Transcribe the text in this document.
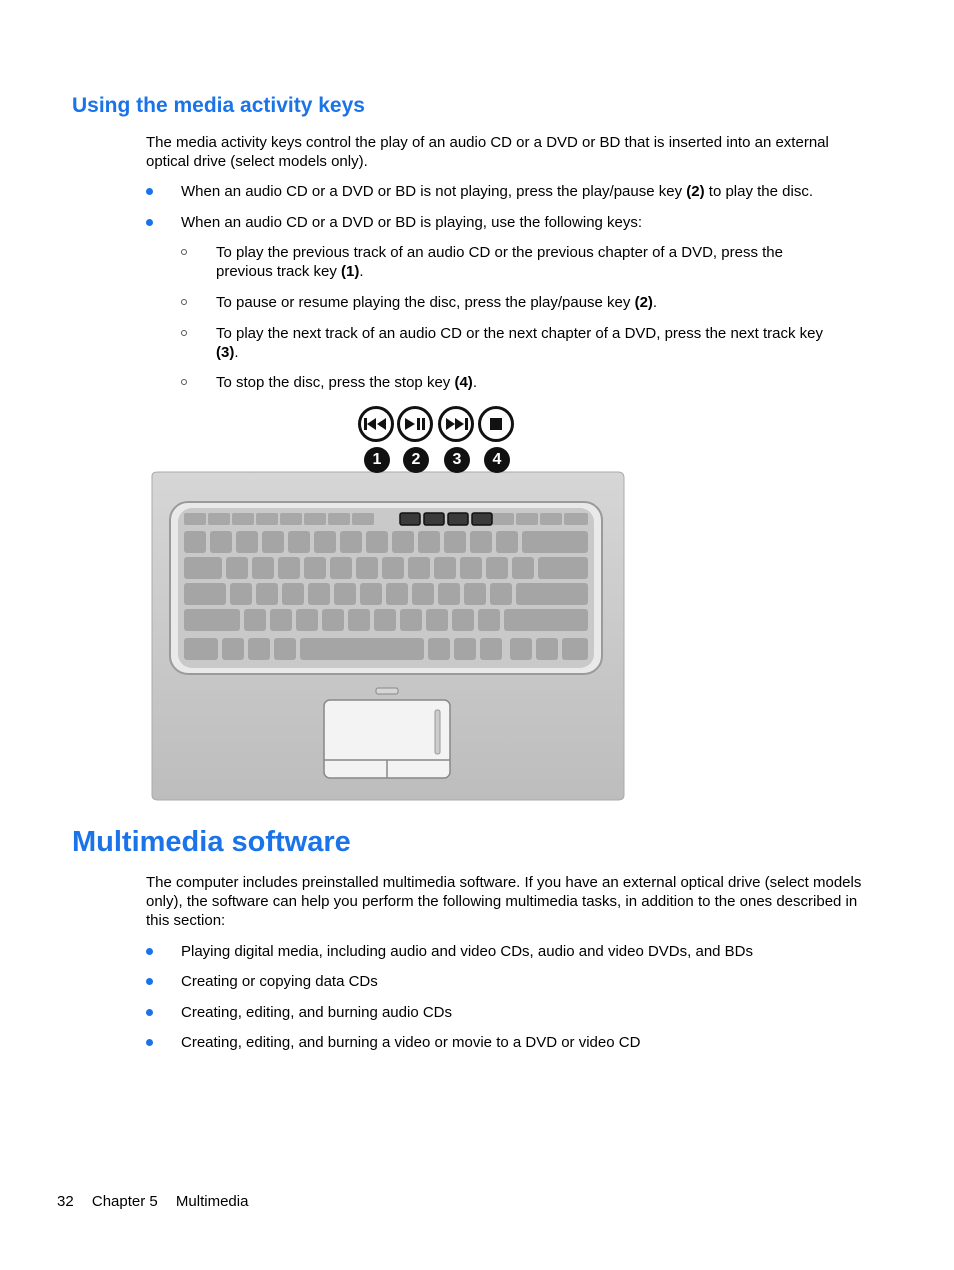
Using the media activity keys

The media activity keys control the play of an audio CD or a DVD or BD that is inserted into an external optical drive (select models only).

When an audio CD or a DVD or BD is not playing, press the play/pause key (2) to play the disc.
When an audio CD or a DVD or BD is playing, use the following keys:
To play the previous track of an audio CD or the previous chapter of a DVD, press the previous track key (1).
To pause or resume playing the disc, press the play/pause key (2).
To play the next track of an audio CD or the next chapter of a DVD, press the next track key (3).
To stop the disc, press the stop key (4).
1 2 3 4
Multimedia software

The computer includes preinstalled multimedia software. If you have an external optical drive (select models only), the software can help you perform the following multimedia tasks, in addition to the ones described in this section:

Playing digital media, including audio and video CDs, audio and video DVDs, and BDs
Creating or copying data CDs
Creating, editing, and burning audio CDs
Creating, editing, and burning a video or movie to a DVD or video CD
32 Chapter 5 Multimedia
